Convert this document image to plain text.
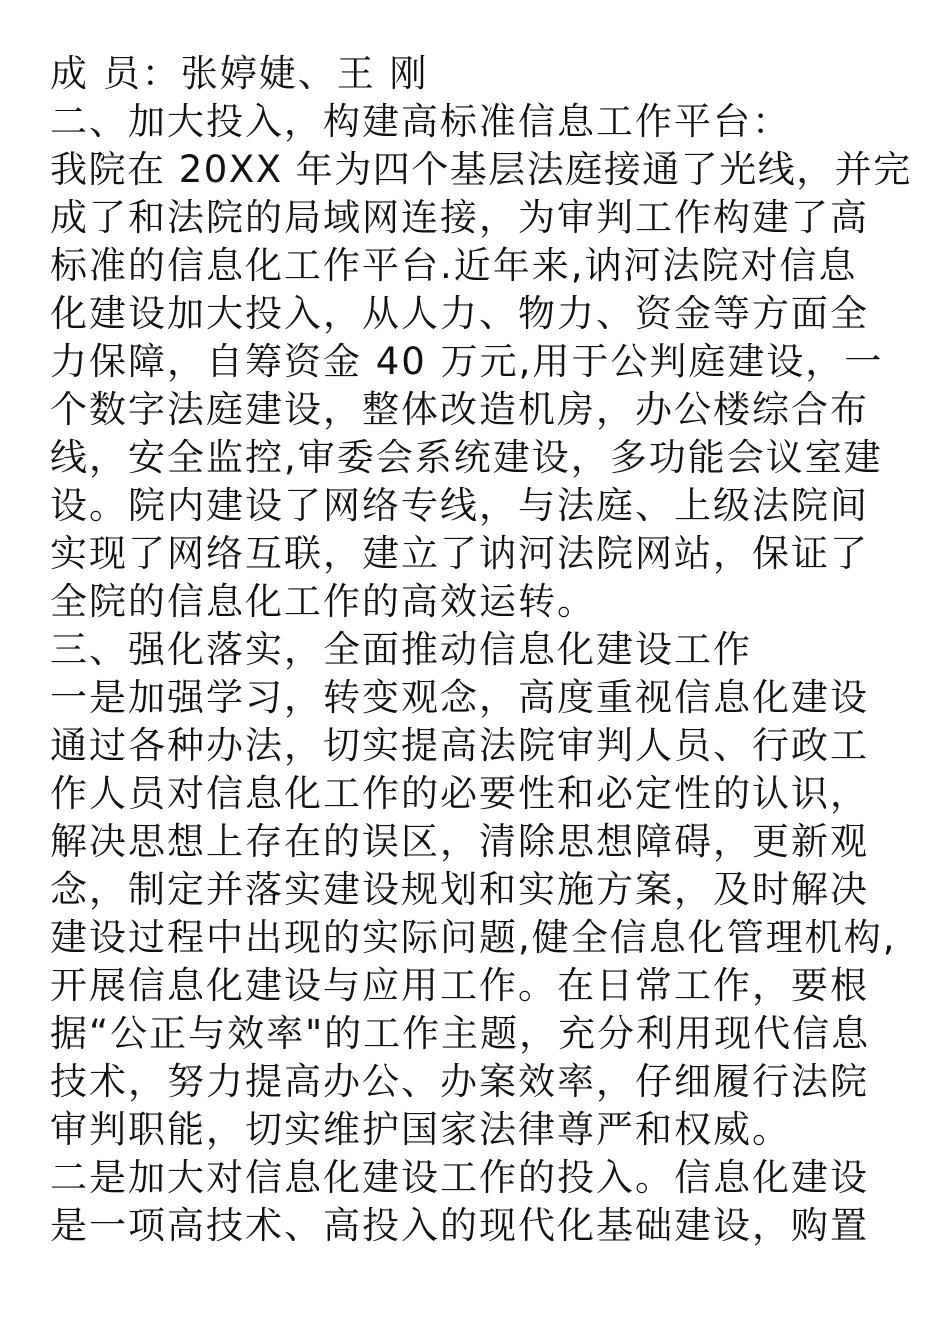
成 员：张婷婕、王 刚
二、加大投入，构建高标准信息工作平台：
我院在 20XX 年为四个基层法庭接通了光线，并完
成了和法院的局域网连接，为审判工作构建了高
标准的信息化工作平台.近年来,讷河法院对信息
化建设加大投入，从人力、物力、资金等方面全
力保障，自筹资金 40 万元,用于公判庭建设，一
个数字法庭建设，整体改造机房，办公楼综合布
线，安全监控,审委会系统建设，多功能会议室建
设。院内建设了网络专线，与法庭、上级法院间
实现了网络互联，建立了讷河法院网站，保证了
全院的信息化工作的高效运转。
三、强化落实，全面推动信息化建设工作
一是加强学习，转变观念，高度重视信息化建设
通过各种办法，切实提高法院审判人员、行政工
作人员对信息化工作的必要性和必定性的认识，
解决思想上存在的误区，清除思想障碍，更新观
念，制定并落实建设规划和实施方案，及时解决
建设过程中出现的实际问题,健全信息化管理机构,
开展信息化建设与应用工作。在日常工作，要根
据“公正与效率"的工作主题，充分利用现代信息
技术，努力提高办公、办案效率，仔细履行法院
审判职能，切实维护国家法律尊严和权威。
二是加大对信息化建设工作的投入。信息化建设
是一项高技术、高投入的现代化基础建设，购置
